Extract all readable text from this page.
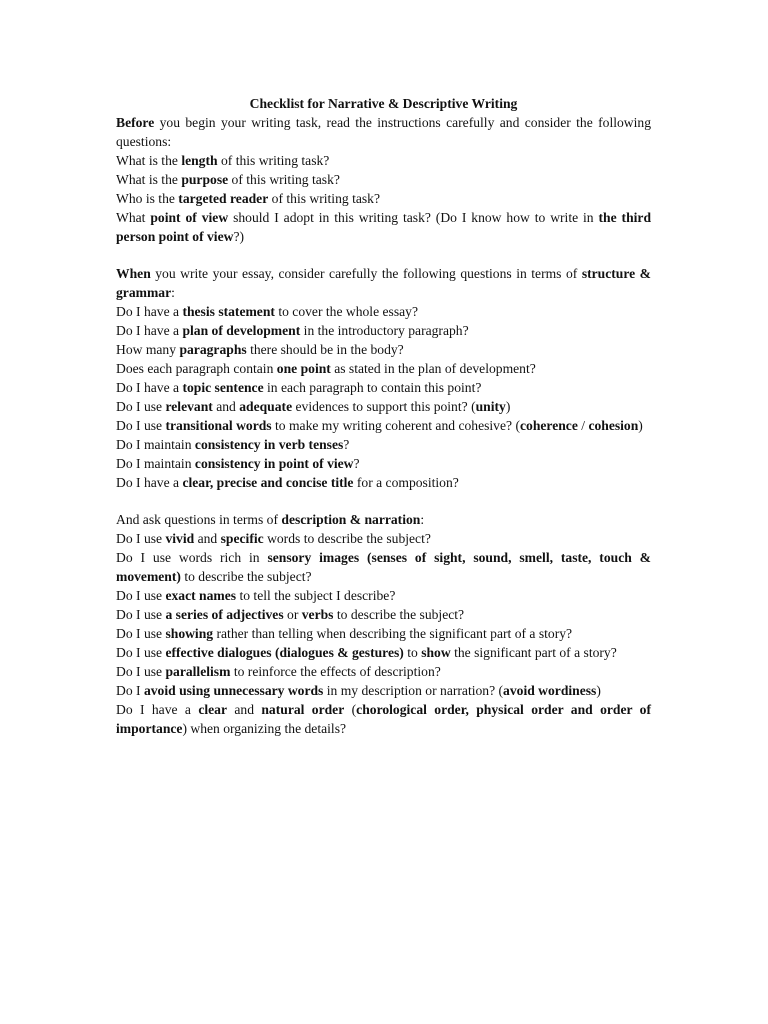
Checklist for Narrative & Descriptive Writing

Before you begin your writing task, read the instructions carefully and consider the following questions:

What is the length of this writing task?

What is the purpose of this writing task?

Who is the targeted reader of this writing task?

What point of view should I adopt in this writing task? (Do I know how to write in the third person point of view?)

When you write your essay, consider carefully the following questions in terms of structure & grammar:

Do I have a thesis statement to cover the whole essay?

Do I have a plan of development in the introductory paragraph?

How many paragraphs there should be in the body?

Does each paragraph contain one point as stated in the plan of development?

Do I have a topic sentence in each paragraph to contain this point?

Do I use relevant and adequate evidences to support this point? (unity)

Do I use transitional words to make my writing coherent and cohesive? (coherence / cohesion)

Do I maintain consistency in verb tenses?

Do I maintain consistency in point of view?

Do I have a clear, precise and concise title for a composition?

And ask questions in terms of description & narration:

Do I use vivid and specific words to describe the subject?

Do I use words rich in sensory images (senses of sight, sound, smell, taste, touch & movement) to describe the subject?

Do I use exact names to tell the subject I describe?

Do I use a series of adjectives or verbs to describe the subject?

Do I use showing rather than telling when describing the significant part of a story?

Do I use effective dialogues (dialogues & gestures) to show the significant part of a story?

Do I use parallelism to reinforce the effects of description?

Do I avoid using unnecessary words in my description or narration? (avoid wordiness)

Do I have a clear and natural order (chorological order, physical order and order of importance) when organizing the details?
